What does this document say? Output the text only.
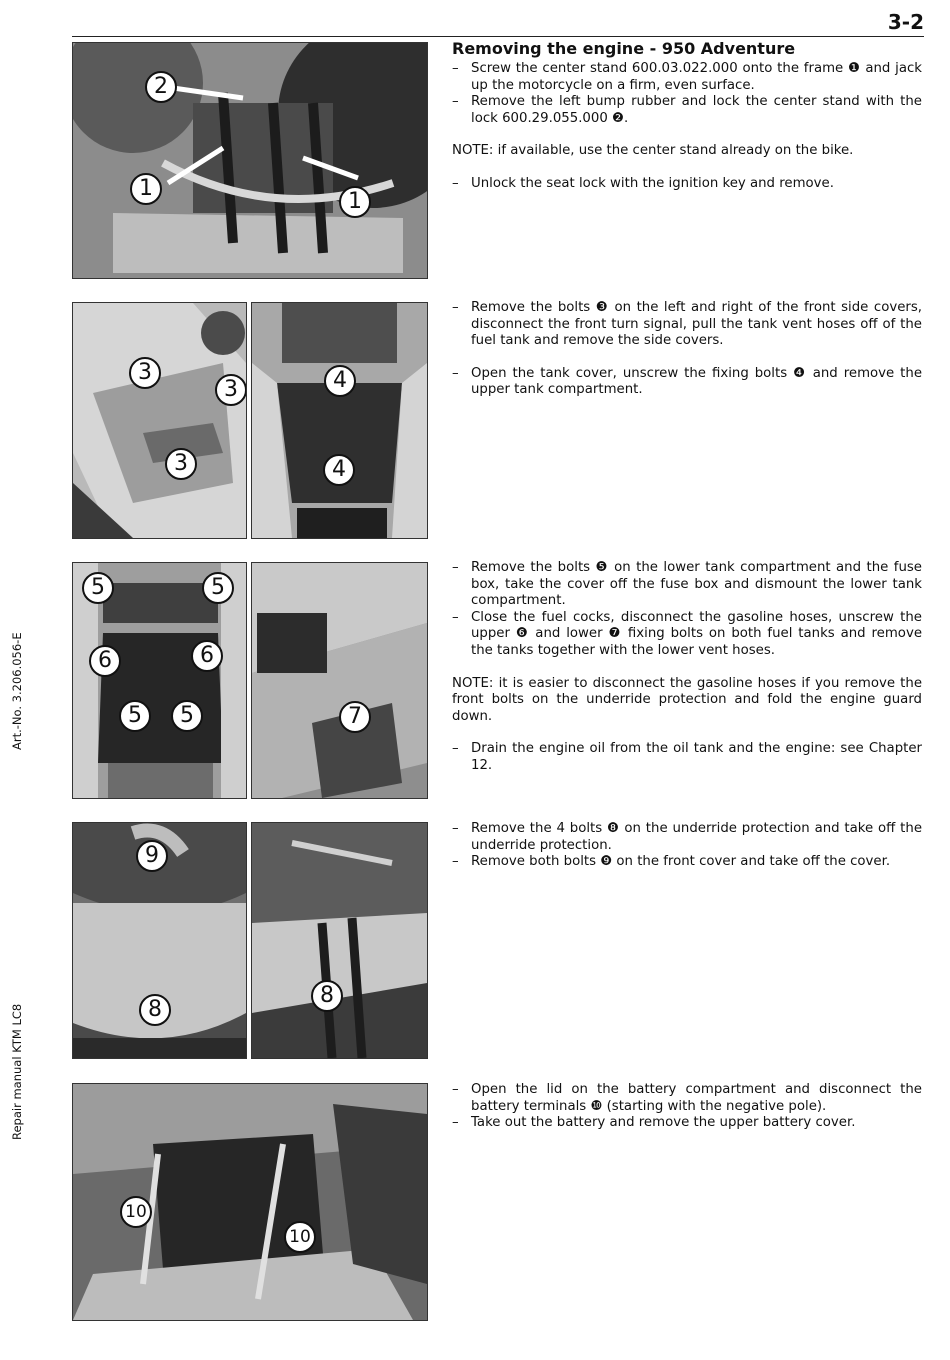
3-2
Art.-No. 3.206.056-E
Repair manual KTM LC8
2
1
1
3
3
3
4
4
5	5
6	6
5	5	7
9
8
8
10
10
Removing the engine - 950 Adventure

– Screw the center stand 600.03.022.000 onto the frame ❶ and jack up the motorcycle on a firm, even surface.

– Remove the left bump rubber and lock the center stand with the lock 600.29.055.000 ❷.

NOTE: if available, use the center stand already on the bike.

– Unlock the seat lock with the ignition key and remove.

– Remove the bolts ❸ on the left and right of the front side covers, disconnect the front turn signal, pull the tank vent hoses off of the fuel tank and remove the side covers.

– Open the tank cover, unscrew the fixing bolts ❹ and remove the upper tank compartment.

– Remove the bolts ❺ on the lower tank compartment and the fuse box, take the cover off the fuse box and dismount the lower tank compartment.

– Close the fuel cocks, disconnect the gasoline hoses, unscrew the upper ❻ and lower ❼ fixing bolts on both fuel tanks and remove the tanks together with the lower vent hoses.

NOTE: it is easier to disconnect the gasoline hoses if you remove the front bolts on the underride protection and fold the engine guard down.

– Drain the engine oil from the oil tank and the engine: see Chapter 12.

– Remove the 4 bolts ❽ on the underride protection and take off the underride protection.

– Remove both bolts ❾ on the front cover and take off the cover.

– Open the lid on the battery compartment and disconnect the battery terminals ❿ (starting with the negative pole).

– Take out the battery and remove the upper battery cover.
